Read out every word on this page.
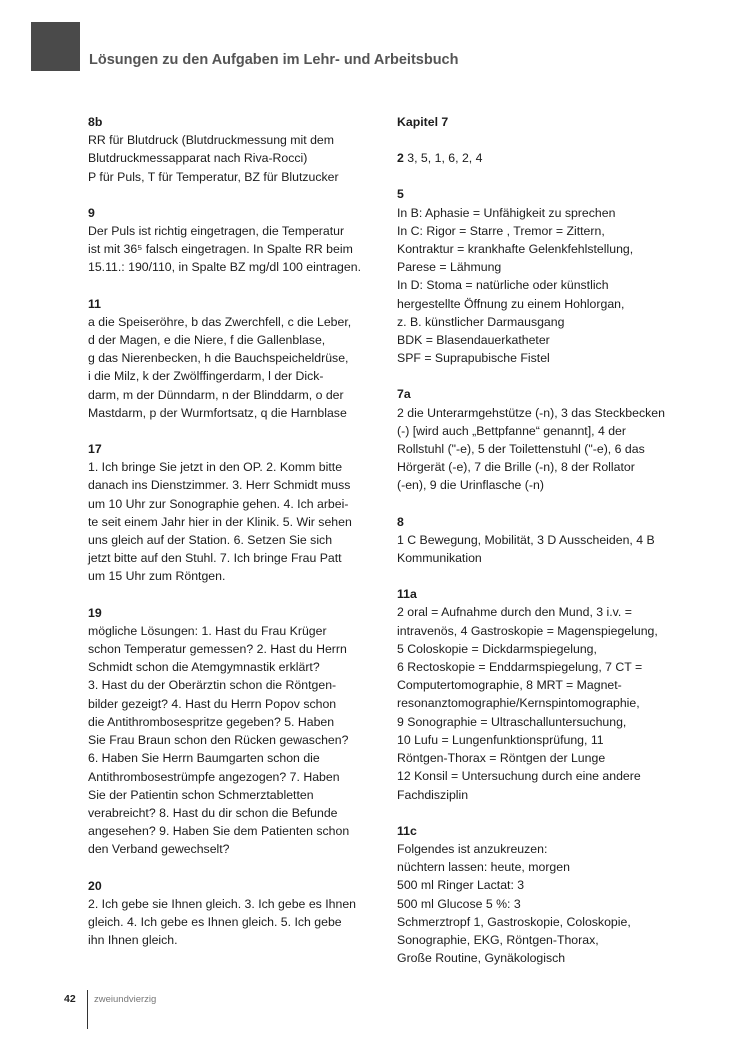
Lösungen zu den Aufgaben im Lehr- und Arbeitsbuch
8b
RR für Blutdruck (Blutdruckmessung mit dem
Blutdruckmessapparat nach Riva-Rocci)
P für Puls, T für Temperatur, BZ für Blutzucker
9
Der Puls ist richtig eingetragen, die Temperatur
ist mit 36⁵ falsch eingetragen. In Spalte RR beim
15.11.: 190/110, in Spalte BZ mg/dl 100 eintragen.
11
a die Speiseröhre, b das Zwerchfell, c die Leber,
d der Magen, e die Niere, f die Gallenblase,
g das Nierenbecken, h die Bauchspeicheldrüse,
i die Milz, k der Zwölffingerdarm, l der Dick-
darm, m der Dünndarm, n der Blinddarm, o der
Mastdarm, p der Wurmfortsatz, q die Harnblase
17
1. Ich bringe Sie jetzt in den OP. 2. Komm bitte
danach ins Dienstzimmer. 3. Herr Schmidt muss
um 10 Uhr zur Sonographie gehen. 4. Ich arbei-
te seit einem Jahr hier in der Klinik. 5. Wir sehen
uns gleich auf der Station. 6. Setzen Sie sich
jetzt bitte auf den Stuhl. 7. Ich bringe Frau Patt
um 15 Uhr zum Röntgen.
19
mögliche Lösungen: 1. Hast du Frau Krüger
schon Temperatur gemessen? 2. Hast du Herrn
Schmidt schon die Atemgymnastik erklärt?
3. Hast du der Oberärztin schon die Röntgen-
bilder gezeigt? 4. Hast du Herrn Popov schon
die Antithrombosespritze gegeben? 5. Haben
Sie Frau Braun schon den Rücken gewaschen?
6. Haben Sie Herrn Baumgarten schon die
Antithrombosestrümpfe angezogen? 7. Haben
Sie der Patientin schon Schmerztabletten
verabreicht? 8. Hast du dir schon die Befunde
angesehen? 9. Haben Sie dem Patienten schon
den Verband gewechselt?
20
2. Ich gebe sie Ihnen gleich. 3. Ich gebe es Ihnen
gleich. 4. Ich gebe es Ihnen gleich. 5. Ich gebe
ihn Ihnen gleich.
Kapitel 7
2 3, 5, 1, 6, 2, 4
5
In B: Aphasie = Unfähigkeit zu sprechen
In C: Rigor = Starre , Tremor = Zittern,
Kontraktur = krankhafte Gelenkfehlstellung,
Parese = Lähmung
In D: Stoma = natürliche oder künstlich
hergestellte Öffnung zu einem Hohlorgan,
z. B. künstlicher Darmausgang
BDK = Blasendauerkatheter
SPF = Suprapubische Fistel
7a
2 die Unterarmgehstütze (-n), 3 das Steckbecken
(-) [wird auch „Bettpfanne“ genannt], 4 der
Rollstuhl ("-e), 5 der Toilettenstuhl ("-e), 6 das
Hörgerät (-e), 7 die Brille (-n), 8 der Rollator
(-en), 9 die Urinflasche (-n)
8
1 C Bewegung, Mobilität, 3 D Ausscheiden, 4 B
Kommunikation
11a
2 oral = Aufnahme durch den Mund, 3 i.v. =
intravenös, 4 Gastroskopie = Magenspiegelung,
5 Coloskopie = Dickdarmspiegelung,
6 Rectoskopie = Enddarmspiegelung, 7 CT =
Computertomographie, 8 MRT = Magnet-
resonanztomographie/Kernspintomographie,
9 Sonographie = Ultraschalluntersuchung,
10 Lufu = Lungenfunktionsprüfung, 11
Röntgen-Thorax = Röntgen der Lunge
12 Konsil = Untersuchung durch eine andere
Fachdisziplin
11c
Folgendes ist anzukreuzen:
nüchtern lassen: heute, morgen
500 ml Ringer Lactat: 3
500 ml Glucose 5 %: 3
Schmerztropf 1, Gastroskopie, Coloskopie,
Sonographie, EKG, Röntgen-Thorax,
Große Routine, Gynäkologisch
42 zweiundvierzig
